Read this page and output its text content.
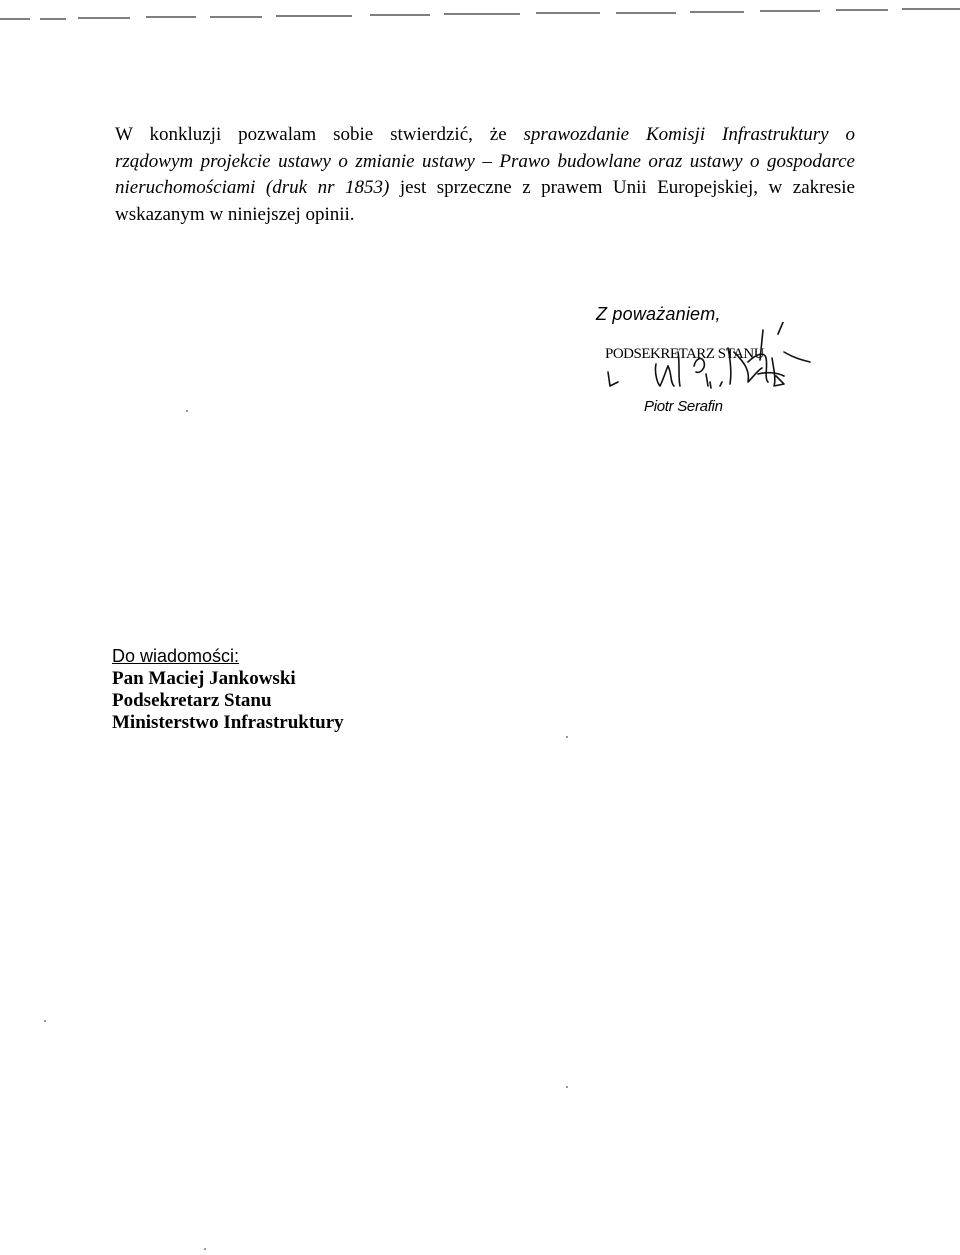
W konkluzji pozwalam sobie stwierdzić, że sprawozdanie Komisji Infrastruktury o
rządowym projekcie ustawy o zmianie ustawy – Prawo budowlane oraz ustawy o gospodarce
nieruchomościami (druk nr 1853) jest sprzeczne z prawem Unii Europejskiej, w zakresie
wskazanym w niniejszej opinii.

Z poważaniem,
PODSEKRETARZ STANU
Piotr Serafin
Do wiadomości:
Pan Maciej Jankowski
Podsekretarz Stanu
Ministerstwo Infrastruktury
